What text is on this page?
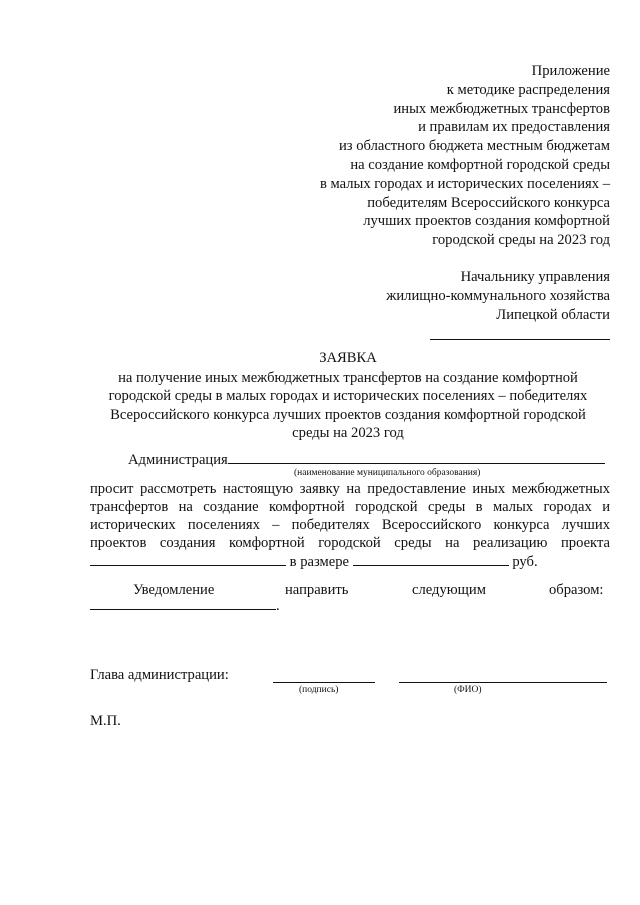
Приложение
к методике распределения
иных межбюджетных трансфертов
и правилам их предоставления
из областного бюджета местным бюджетам
на создание комфортной городской среды
в малых городах и исторических поселениях –
победителям Всероссийского конкурса
лучших проектов создания комфортной
городской среды на 2023 год
Начальнику управления
жилищно-коммунального хозяйства
Липецкой области
ЗАЯВКА
на получение иных межбюджетных трансфертов на создание комфортной
городской среды в малых городах и исторических поселениях – победителях
Всероссийского конкурса лучших проектов создания комфортной городской
среды на 2023 год
Администрация
(наименование муниципального образования)
просит рассмотреть настоящую заявку на предоставление иных межбюджетных
трансфертов на создание комфортной городской среды в малых городах и
исторических поселениях – победителях Всероссийского конкурса лучших
проектов создания комфортной городской среды на реализацию проекта
в размере	руб.
Уведомление	направить	следующим	образом:
.
Глава администрации:
(подпись)	(ФИО)
М.П.
